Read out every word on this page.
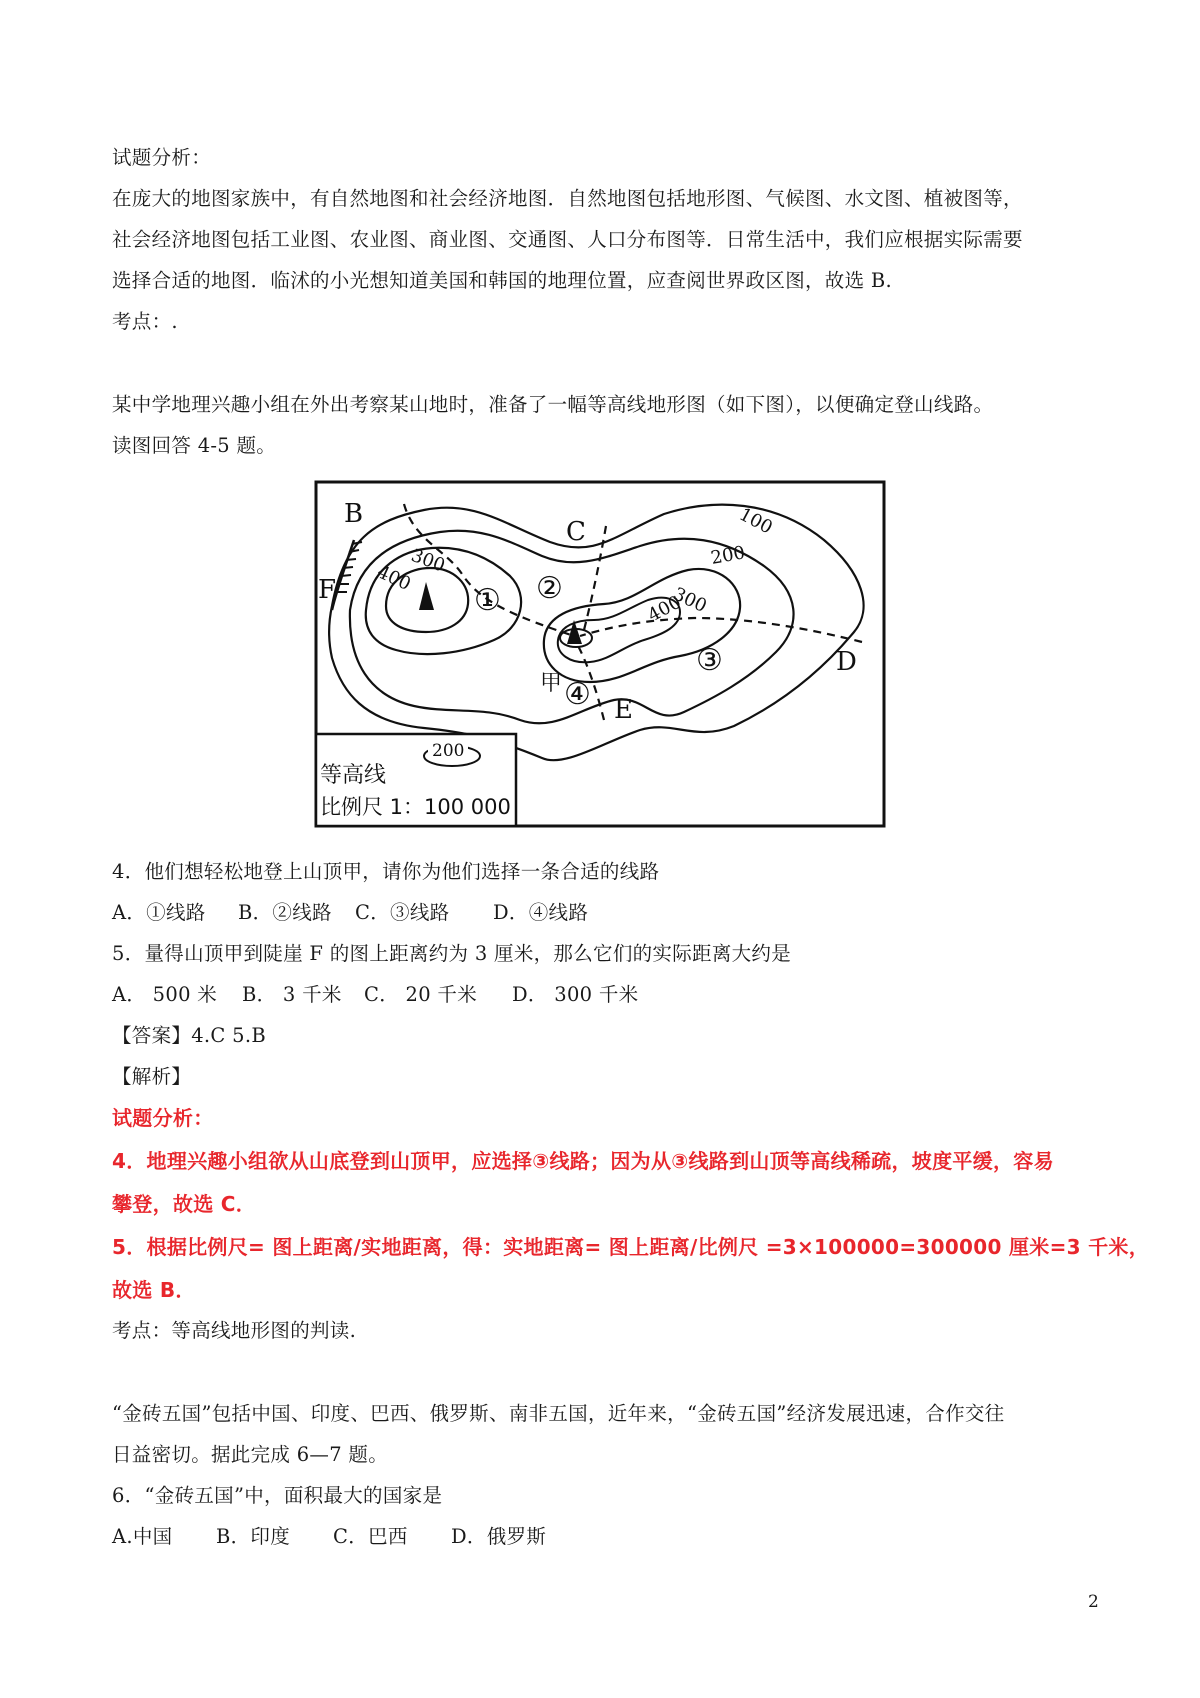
试题分析：
在庞大的地图家族中，有自然地图和社会经济地图．自然地图包括地形图、气候图、水文图、植被图等，
社会经济地图包括工业图、农业图、商业图、交通图、人口分布图等．日常生活中，我们应根据实际需要
选择合适的地图．临沭的小光想知道美国和韩国的地理位置，应查阅世界政区图，故选 B.
考点：.
某中学地理兴趣小组在外出考察某山地时，准备了一幅等高线地形图（如下图），以便确定登山线路。
读图回答 4-5 题。
B
C
D
E
F	① ②
③
④
甲
100
200
300
300
400
400
200
等高线
比例尺 1：100 000
4．他们想轻松地登上山顶甲，请你为他们选择一条合适的线路
A．①线路 B．②线路 C．③线路 D．④线路
5．量得山顶甲到陡崖 F 的图上距离约为 3 厘米，那么它们的实际距离大约是
A． 500 米 B． 3 千米 C． 20 千米 D． 300 千米
【答案】4.C 5.B
【解析】
试题分析：
4．地理兴趣小组欲从山底登到山顶甲，应选择③线路；因为从③线路到山顶等高线稀疏，坡度平缓，容易
攀登，故选 C．
5．根据比例尺= 图上距离/实地距离，得：实地距离= 图上距离/比例尺 =3×100000=300000 厘米=3 千米，
故选 B．
考点：等高线地形图的判读.
“金砖五国”包括中国、印度、巴西、俄罗斯、南非五国，近年来，“金砖五国”经济发展迅速，合作交往
日益密切。据此完成 6—7 题。
6．“金砖五国”中，面积最大的国家是
A.中国 B．印度 C．巴西 D．俄罗斯
2
